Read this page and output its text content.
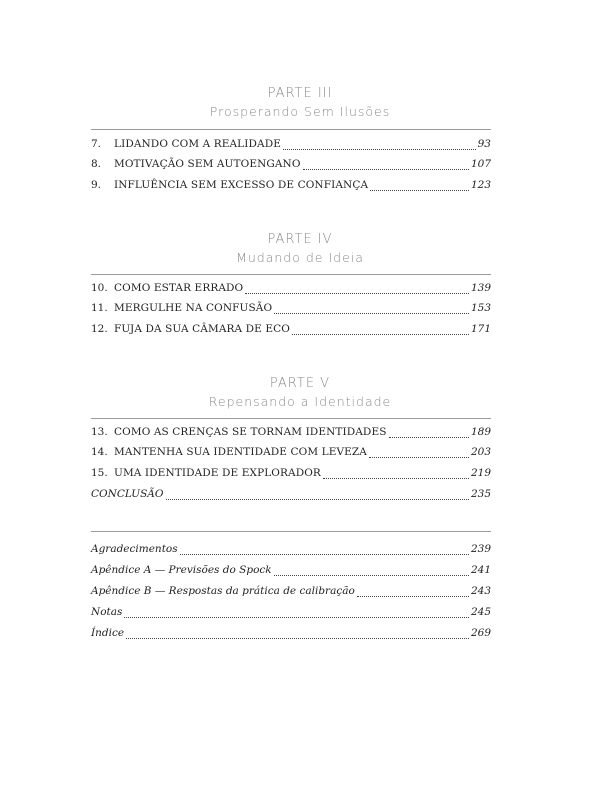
PARTE III
Prosperando Sem Ilusões
7.	LIDANDO COM A REALIDADE	93
8.	MOTIVAÇÃO SEM AUTOENGANO	107
9.	INFLUÊNCIA SEM EXCESSO DE CONFIANÇA	123
PARTE IV
Mudando de Ideia
10. COMO ESTAR ERRADO	139
11. MERGULHE NA CONFUSÃO	153
12. FUJA DA SUA CÂMARA DE ECO	171
PARTE V
Repensando a Identidade
13. COMO AS CRENÇAS SE TORNAM IDENTIDADES	189
14. MANTENHA SUA IDENTIDADE COM LEVEZA	203
15. UMA IDENTIDADE DE EXPLORADOR	219
CONCLUSÃO	235
Agradecimentos	239
Apêndice A — Previsões do Spock	241
Apêndice B — Respostas da prática de calibração	243
Notas	245
Índice	269
